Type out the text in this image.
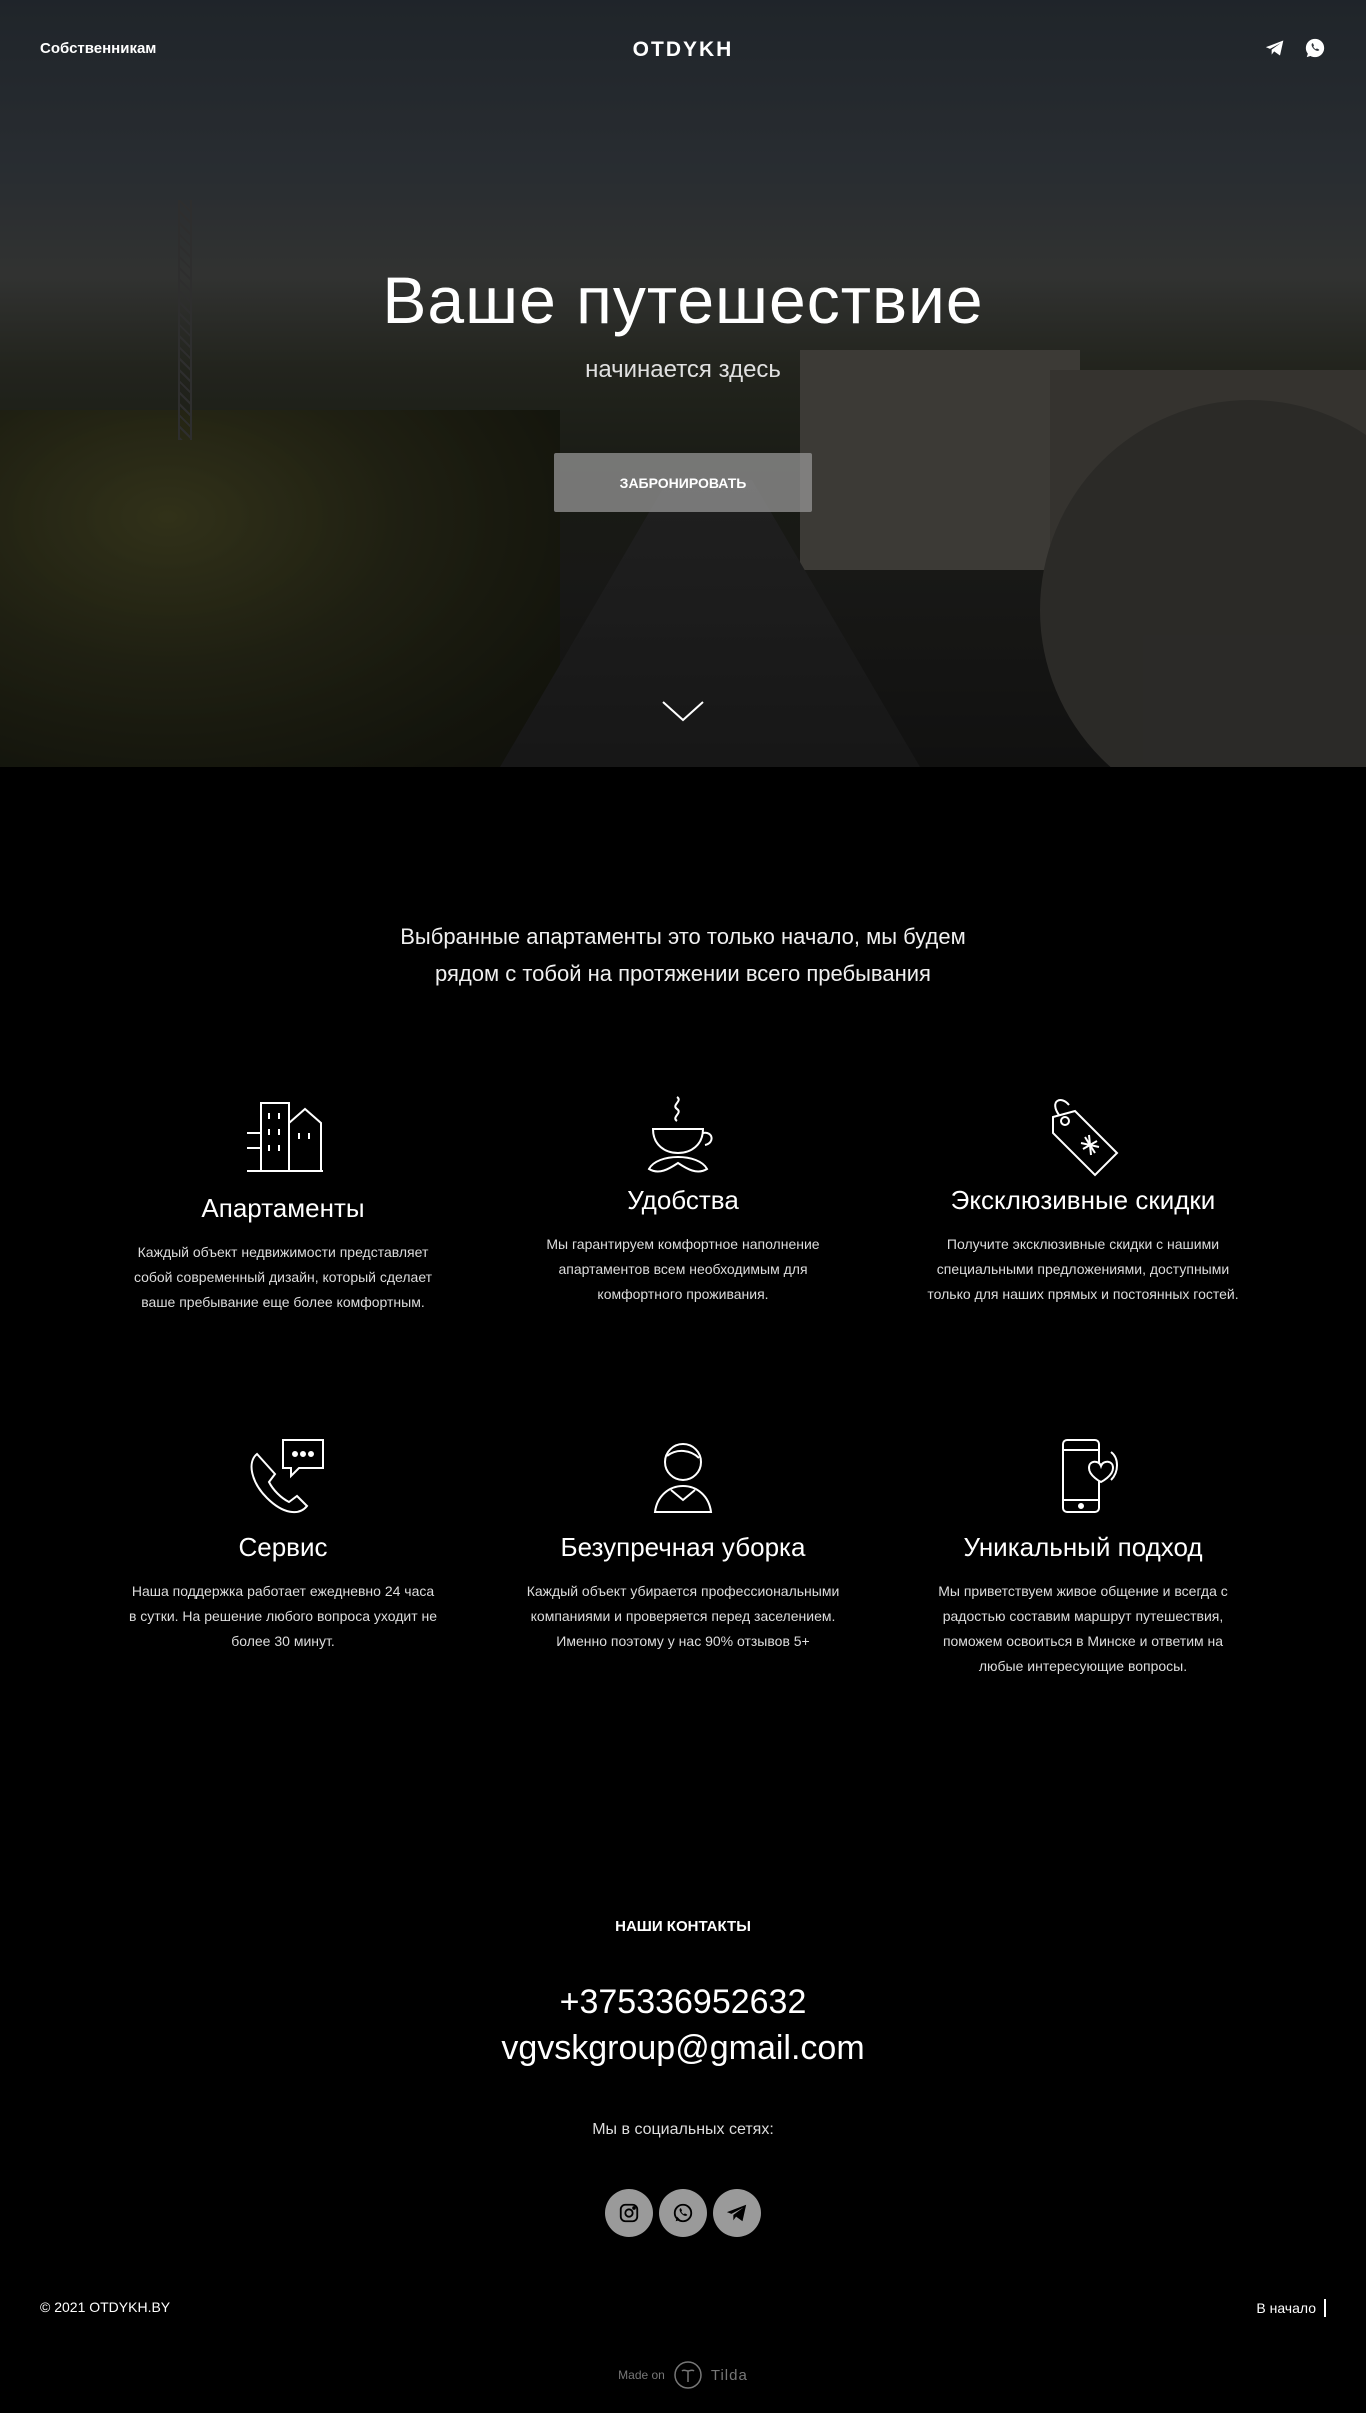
Собственникам	OTDYKH
Ваше путешествие
начинается здесь
ЗАБРОНИРОВАТЬ
Выбранные апартаменты это только начало, мы будем
рядом с тобой на протяжении всего пребывания
Апартаменты

Каждый объект недвижимости представляет
собой современный дизайн, который сделает
ваше пребывание еще более комфортным.

Удобства

Мы гарантируем комфортное наполнение
апартаментов всем необходимым для
комфортного проживания.

Эксклюзивные скидки

Получите эксклюзивные скидки с нашими
специальными предложениями, доступными
только для наших прямых и постоянных гостей.

Сервис

Наша поддержка работает ежедневно 24 часа
в сутки. На решение любого вопроса уходит не
более 30 минут.

Безупречная уборка

Каждый объект убирается профессиональными
компаниями и проверяется перед заселением.
Именно поэтому у нас 90% отзывов 5+

Уникальный подход

Мы приветствуем живое общение и всегда с
радостью составим маршрут путешествия,
поможем освоиться в Минске и ответим на
любые интересующие вопросы.

НАШИ КОНТАКТЫ
+375336952632
vgvskgroup@gmail.com
Мы в социальных сетях:
© 2021 OTDYKH.BY	В начало
Made on	Tilda
